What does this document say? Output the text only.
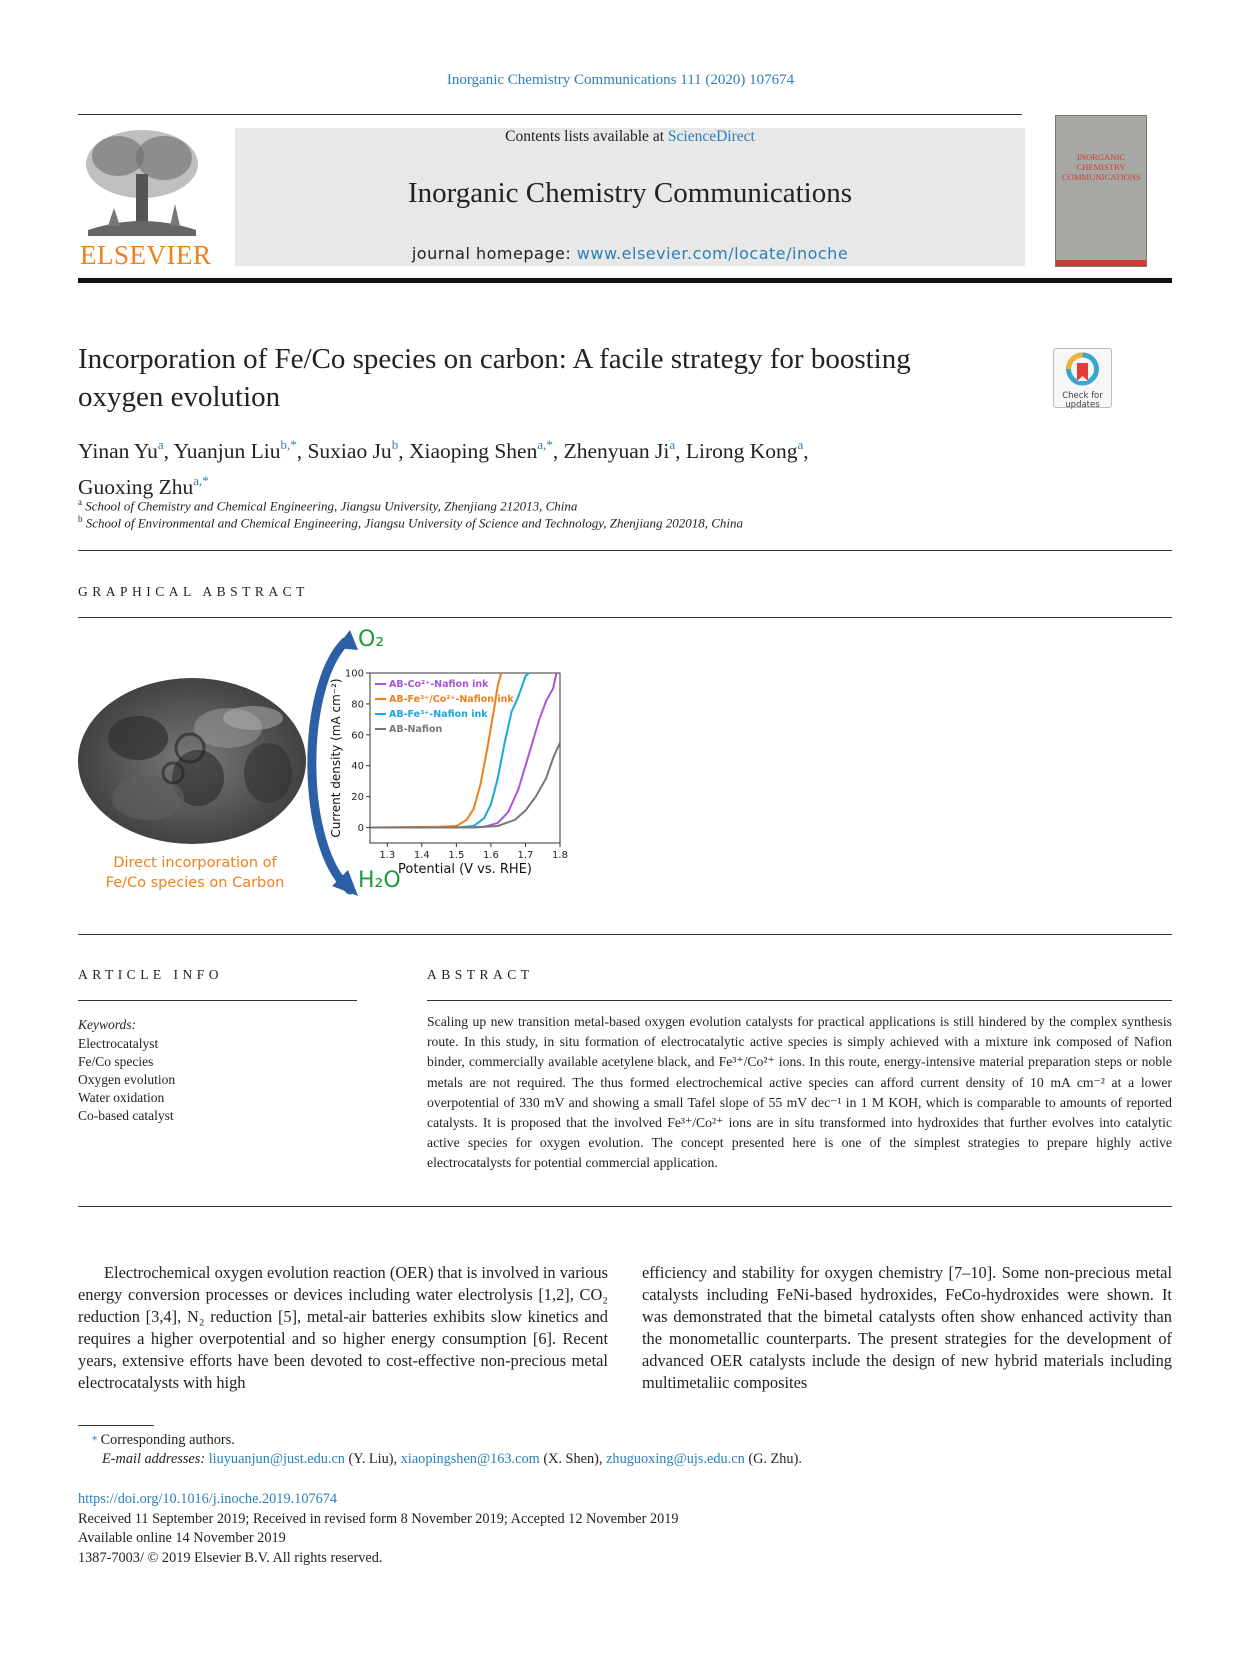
Inorganic Chemistry Communications 111 (2020) 107674
ELSEVIER
Contents lists available at ScienceDirect
Inorganic Chemistry Communications
journal homepage: www.elsevier.com/locate/inoche
INORGANIC CHEMISTRY COMMUNICATIONS
Incorporation of Fe/Co species on carbon: A facile strategy for boosting
oxygen evolution	Check for
updates
Yinan Yu$^a$, Yuanjun Liu$^{b,*}$, Suxiao Ju$^b$, Xiaoping Shen$^{a,*}$, Zhenyuan Ji$^a$, Lirong Kong$^a$,
Guoxing Zhu$^{a,*}$
$^a$ School of Chemistry and Chemical Engineering, Jiangsu University, Zhenjiang 212013, China
$^b$ School of Environmental and Chemical Engineering, Jiangsu University of Science and Technology, Zhenjiang 202018, China
GRAPHICAL ABSTRACT
Direct incorporation of
Fe/Co species on Carbon
O₂
H₂O
0
20
40
60
80
100
1.3 1.4 1.5 1.6 1.7 1.8
Potential (V vs. RHE)
Current density (mA cm⁻²)	AB-Co²⁺-Nafion ink
AB-Fe³⁺/Co²⁺-Nafion ink
AB-Fe³⁺-Nafion ink
AB-Nafion
ARTICLE INFO
Keywords:
Electrocatalyst
Fe/Co species
Oxygen evolution
Water oxidation
Co-based catalyst
ABSTRACT
Scaling up new transition metal-based oxygen evolution catalysts for practical applications is still hindered by the complex synthesis route. In this study, in situ formation of electrocatalytic active species is simply achieved with a mixture ink composed of Nafion binder, commercially available acetylene black, and Fe³⁺/Co²⁺ ions. In this route, energy-intensive material preparation steps or noble metals are not required. The thus formed electrochemical active species can afford current density of 10 mA cm⁻² at a lower overpotential of 330 mV and showing a small Tafel slope of 55 mV dec⁻¹ in 1 M KOH, which is comparable to amounts of reported catalysts. It is proposed that the involved Fe³⁺/Co²⁺ ions are in situ transformed into hydroxides that further evolves into catalytic active species for oxygen evolution. The concept presented here is one of the simplest strategies to prepare highly active electrocatalysts for potential commercial application.
Electrochemical oxygen evolution reaction (OER) that is involved in various energy conversion processes or devices including water electrolysis [1,2], CO₂ reduction [3,4], N₂ reduction [5], metal-air batteries exhibits slow kinetics and requires a higher overpotential and so higher energy consumption [6]. Recent years, extensive efforts have been devoted to cost-effective non-precious metal electrocatalysts with high
efficiency and stability for oxygen chemistry [7–10]. Some non-precious metal catalysts including FeNi-based hydroxides, FeCo-hydroxides were shown. It was demonstrated that the bimetal catalysts often show enhanced activity than the monometallic counterparts. The present strategies for the development of advanced OER catalysts include the design of new hybrid materials including multimetaliic composites
⁎ Corresponding authors.
E-mail addresses: liuyuanjun@just.edu.cn (Y. Liu), xiaopingshen@163.com (X. Shen), zhuguoxing@ujs.edu.cn (G. Zhu).
https://doi.org/10.1016/j.inoche.2019.107674
Received 11 September 2019; Received in revised form 8 November 2019; Accepted 12 November 2019
Available online 14 November 2019
1387-7003/ © 2019 Elsevier B.V. All rights reserved.
